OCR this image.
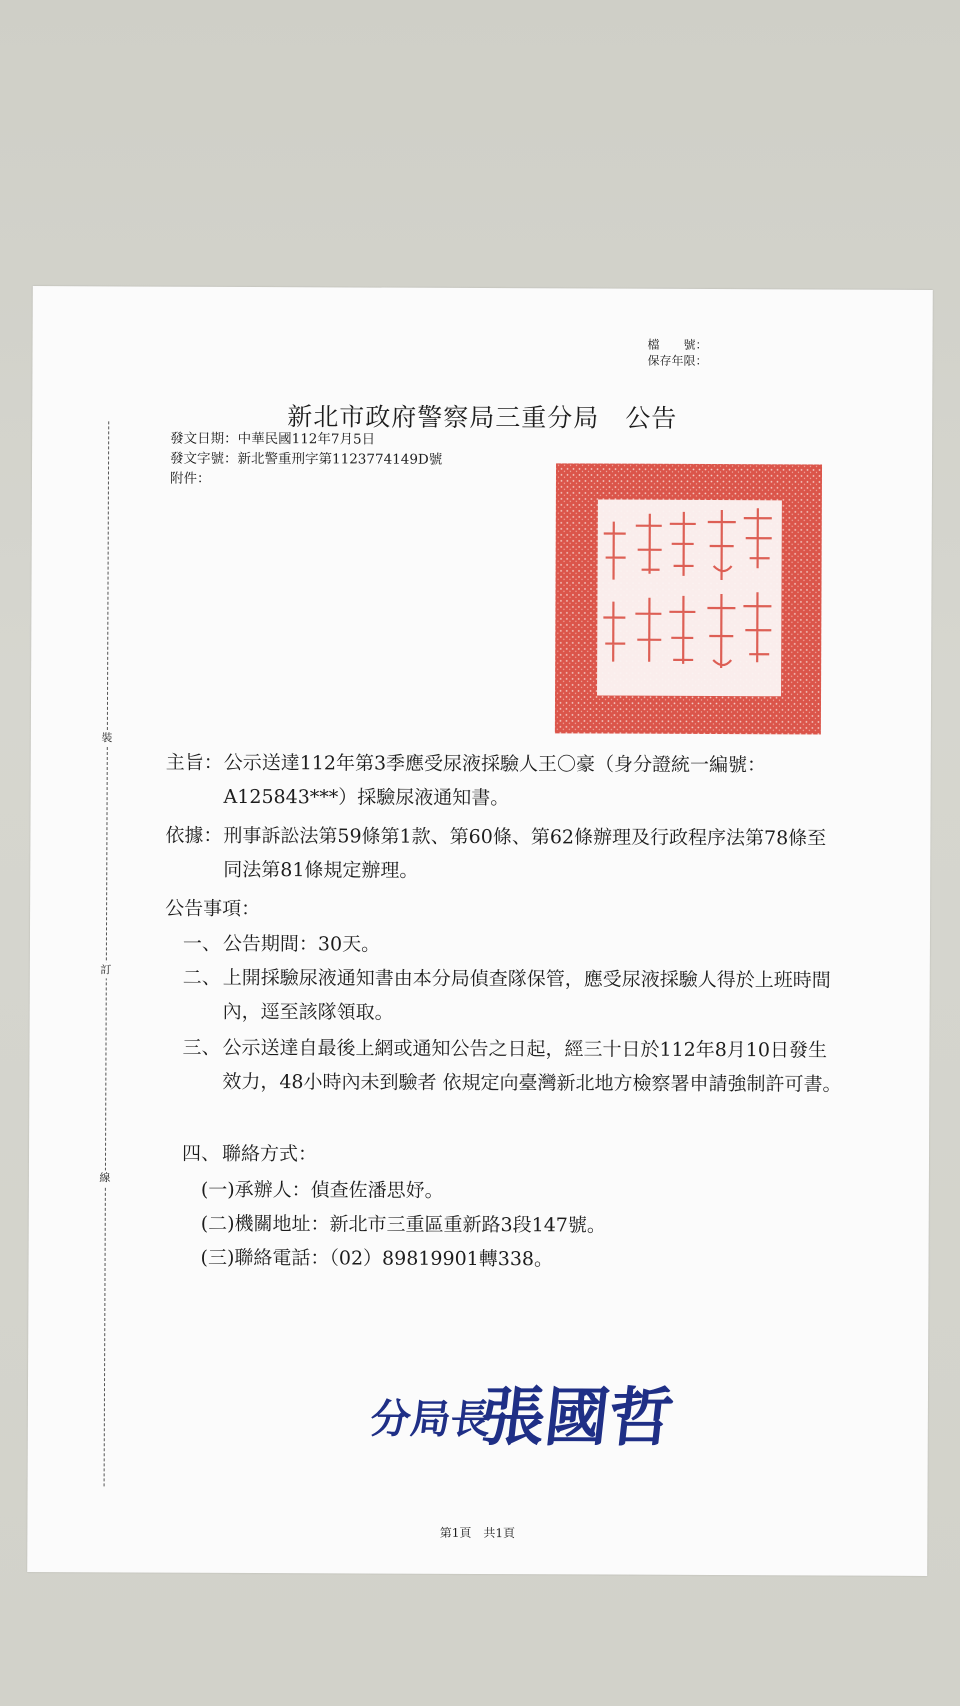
裝
訂
線
檔　　號：
保存年限：
新北市政府警察局三重分局　公告
發文日期：中華民國112年7月5日
發文字號：新北警重刑字第1123774149D號
附件：
主旨： 公示送達112年第3季應受尿液採驗人王〇豪（身分證統一編號：A125843***）採驗尿液通知書。
依據： 刑事訴訟法第59條第1款、第60條、第62條辦理及行政程序法第78條至同法第81條規定辦理。
公告事項：
一、 公告期間：30天。
二、 上開採驗尿液通知書由本分局偵查隊保管，應受尿液採驗人得於上班時間內，逕至該隊領取。
三、 公示送達自最後上網或通知公告之日起，經三十日於112年8月10日發生效力，48小時內未到驗者 依規定向臺灣新北地方檢察署申請強制許可書。
四、 聯絡方式：
(一)承辦人：偵查佐潘思妤。
(二)機關地址：新北市三重區重新路3段147號。
(三)聯絡電話：（02）89819901轉338。
分局長
張國哲
第1頁　共1頁
